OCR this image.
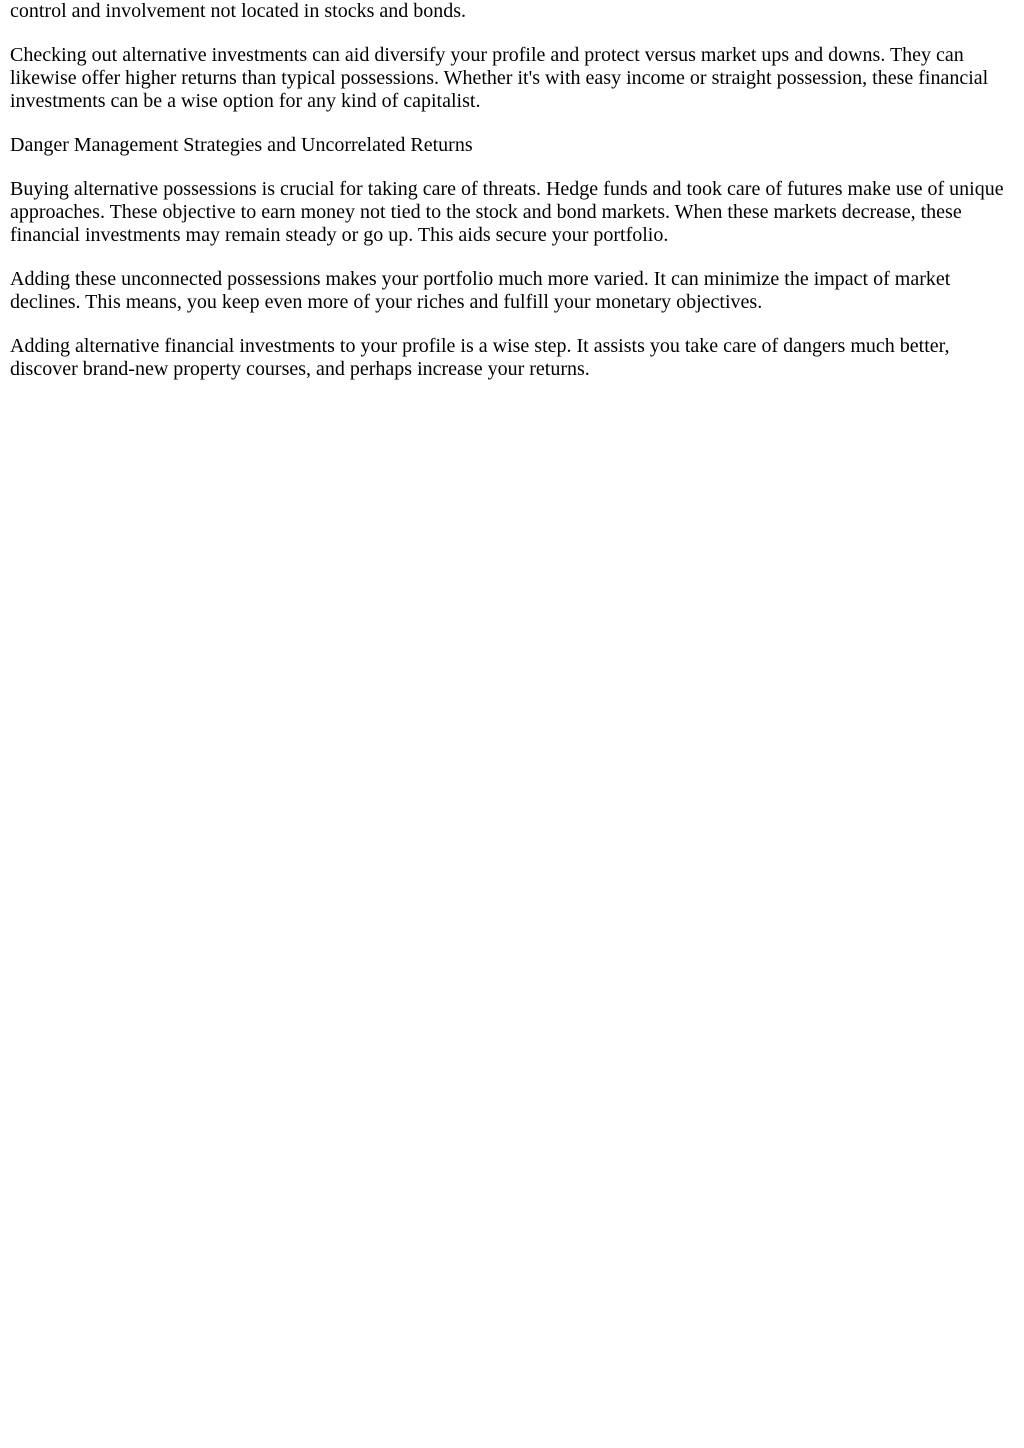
control and involvement not located in stocks and bonds.

Checking out alternative investments can aid diversify your profile and protect versus market ups and downs. They can likewise offer higher returns than typical possessions. Whether it's with easy income or straight possession, these financial investments can be a wise option for any kind of capitalist.

Danger Management Strategies and Uncorrelated Returns

Buying alternative possessions is crucial for taking care of threats. Hedge funds and took care of futures make use of unique approaches. These objective to earn money not tied to the stock and bond markets. When these markets decrease, these financial investments may remain steady or go up. This aids secure your portfolio.

Adding these unconnected possessions makes your portfolio much more varied. It can minimize the impact of market declines. This means, you keep even more of your riches and fulfill your monetary objectives.

Adding alternative financial investments to your profile is a wise step. It assists you take care of dangers much better, discover brand-new property courses, and perhaps increase your returns.
